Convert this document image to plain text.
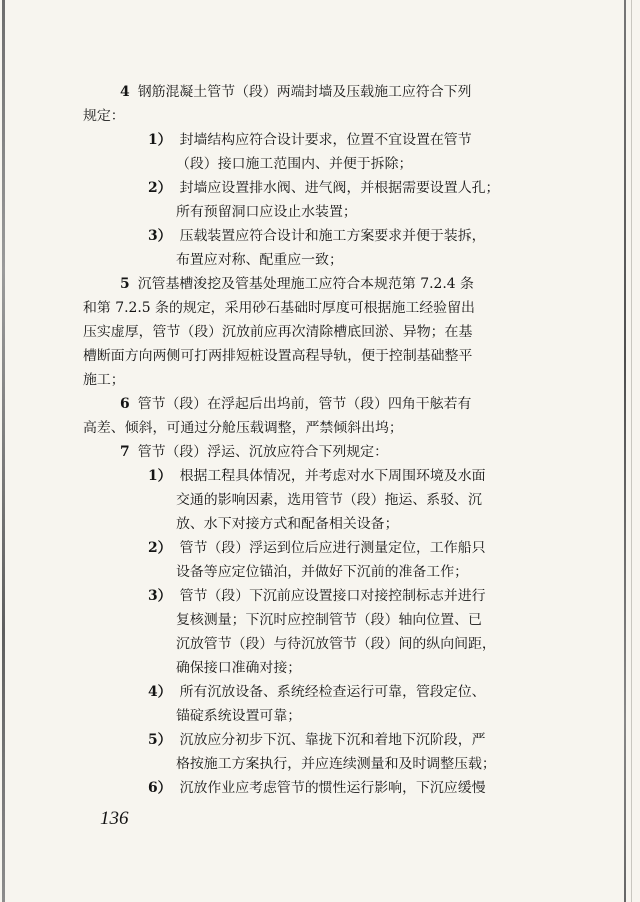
4 钢筋混凝土管节（段）两端封墙及压载施工应符合下列
规定：
1） 封墙结构应符合设计要求，位置不宜设置在管节
（段）接口施工范围内、并便于拆除；
2） 封墙应设置排水阀、进气阀，并根据需要设置人孔；
所有预留洞口应设止水装置；
3） 压载装置应符合设计和施工方案要求并便于装拆，
布置应对称、配重应一致；
5 沉管基槽浚挖及管基处理施工应符合本规范第 7.2.4 条
和第 7.2.5 条的规定，采用砂石基础时厚度可根据施工经验留出
压实虚厚，管节（段）沉放前应再次清除槽底回淤、异物；在基
槽断面方向两侧可打两排短桩设置高程导轨，便于控制基础整平
施工；
6 管节（段）在浮起后出坞前，管节（段）四角干舷若有
高差、倾斜，可通过分舱压载调整，严禁倾斜出坞；
7 管节（段）浮运、沉放应符合下列规定：
1） 根据工程具体情况，并考虑对水下周围环境及水面
交通的影响因素，选用管节（段）拖运、系驳、沉
放、水下对接方式和配备相关设备；
2） 管节（段）浮运到位后应进行测量定位，工作船只
设备等应定位锚泊，并做好下沉前的准备工作；
3） 管节（段）下沉前应设置接口对接控制标志并进行
复核测量；下沉时应控制管节（段）轴向位置、已
沉放管节（段）与待沉放管节（段）间的纵向间距，
确保接口准确对接；
4） 所有沉放设备、系统经检查运行可靠，管段定位、
锚碇系统设置可靠；
5） 沉放应分初步下沉、靠拢下沉和着地下沉阶段，严
格按施工方案执行，并应连续测量和及时调整压载；
6） 沉放作业应考虑管节的惯性运行影响，下沉应缓慢
136
